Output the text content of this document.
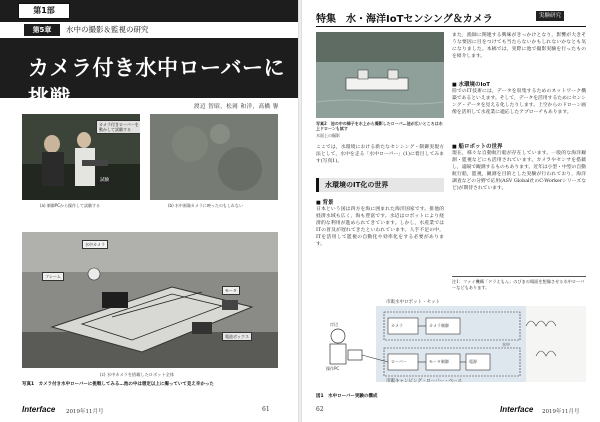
第1部
第5章	水中の撮影＆監視の研究
カメラ付き水中ローバーに挑戦	渡辺 智昭，松岡 和洋，高橋 譽
カメラ付きローバーを動かして試験する
試験
(a) 制御PCから操作して試験する	(b) 水中画像カメラに映ったのもしれない
水中カメラ
モータ
電池ボックス
フレーム
(c) 水中カメラを搭載したロボット全体
写真1　カメラ付き水中ローバーに挑戦してみる…池の中は想定以上に濁っていて見え辛かった
Interface 2019年11月号	61
特集　水・海洋IoTセンシング＆カメラ	実験研究
写真2　池の中の様子を水上から撮影したローバ…池が広いところは水上ドローンも試す
水面上の撮影
ここでは，水環境における新たなセンシング・制御実現方法として，水中を走る「水中ローバー」(1)に着目してみます(写真1)。
水環境のIT化の世界
■ 背景
日本という国は四方を海に囲まれた海洋国家です。排他的経済水域も広く，海も豊富です。水辺はロボットにより経済的な利用が進められてきています。しかし，水産業ではITの普及が遅れてきたといわれています。人手不足の中，ITを活用して監視の自動化や効率化をする必要があります。
また，漁師に関連する興味がきっかけとなり，影響が大きそうな要因に目をつけても当たらないかもしれないかなとも気になりました。本稿では，実際に池で撮影実験を行ったものを紹介します。
■ 水環境のIoT
陸でのIT技術には，データを収集するためのネットワーク構築であるといえます。そして，データを活用するためにセンシング・データを見える化したりします。上空からのドローン画像を活用して水産業に適応したアプローチもあります。
■ 船ロボットの世界
現在，様々な自動航行船が存在しています。一般的な海洋観測・監視などにも活用されています。カメラやセンサを搭載し，遠隔で観測するものもあります。近年は小型・中型の自動航行船，監視，観測を目的とした実験が行われており，海洋調査などの分野で応用(ASV Global社のC-Workerシリーズなど)が期待されています。
注1：ファイ機構「ドラえもん」のびまの場面を想像させる水中ローバーなどもあります。
市販水中ロボット・セット
市販キャンピング・ローバー・ベース
カメラ	カメラ制御
ローバー	モータ制御	電源
操作PC
岸辺
水中
図1　水中ローバー実験の構成
62	Interface 2019年11月号
